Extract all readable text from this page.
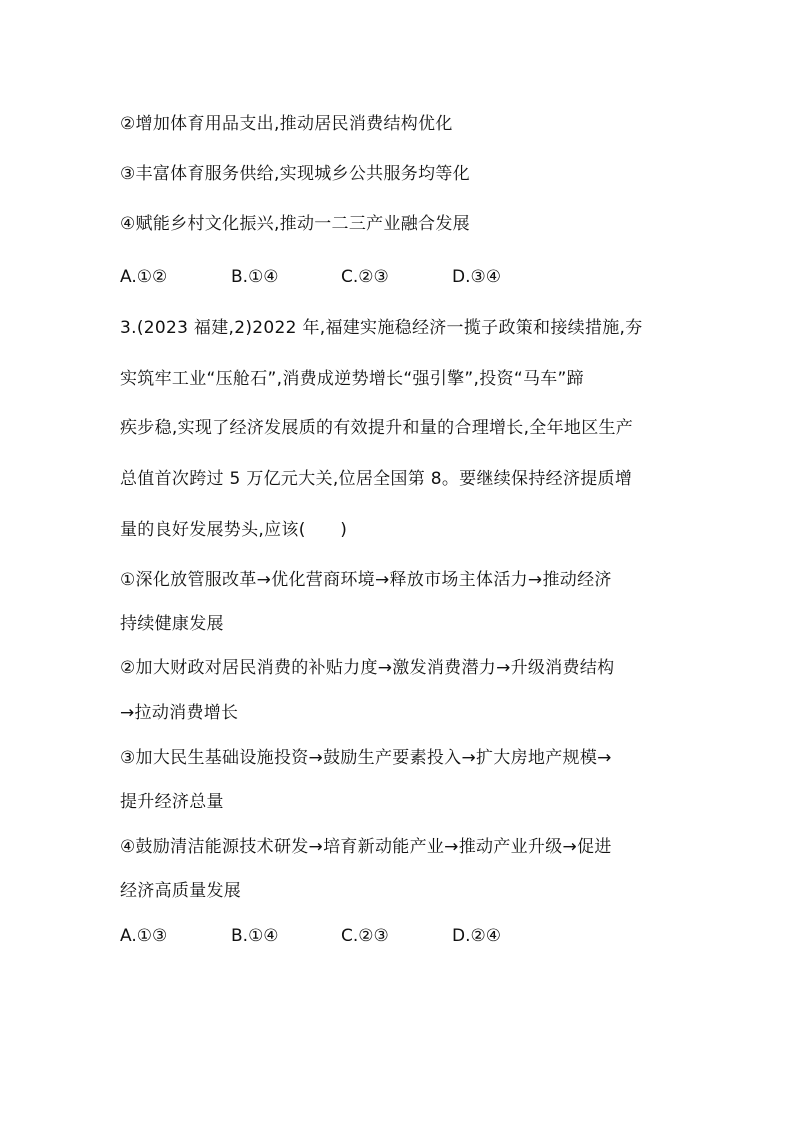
②增加体育用品支出,推动居民消费结构优化
③丰富体育服务供给,实现城乡公共服务均等化
④赋能乡村文化振兴,推动一二三产业融合发展
A.①②	B.①④	C.②③	D.③④
3.(2023 福建,2)2022 年,福建实施稳经济一揽子政策和接续措施,夯
实筑牢工业“压舱石”,消费成逆势增长“强引擎”,投资“马车”蹄
疾步稳,实现了经济发展质的有效提升和量的合理增长,全年地区生产
总值首次跨过 5 万亿元大关,位居全国第 8。要继续保持经济提质增
量的良好发展势头,应该(　　)
①深化放管服改革→优化营商环境→释放市场主体活力→推动经济
持续健康发展
②加大财政对居民消费的补贴力度→激发消费潜力→升级消费结构
→拉动消费增长
③加大民生基础设施投资→鼓励生产要素投入→扩大房地产规模→
提升经济总量
④鼓励清洁能源技术研发→培育新动能产业→推动产业升级→促进
经济高质量发展
A.①③	B.①④	C.②③	D.②④
